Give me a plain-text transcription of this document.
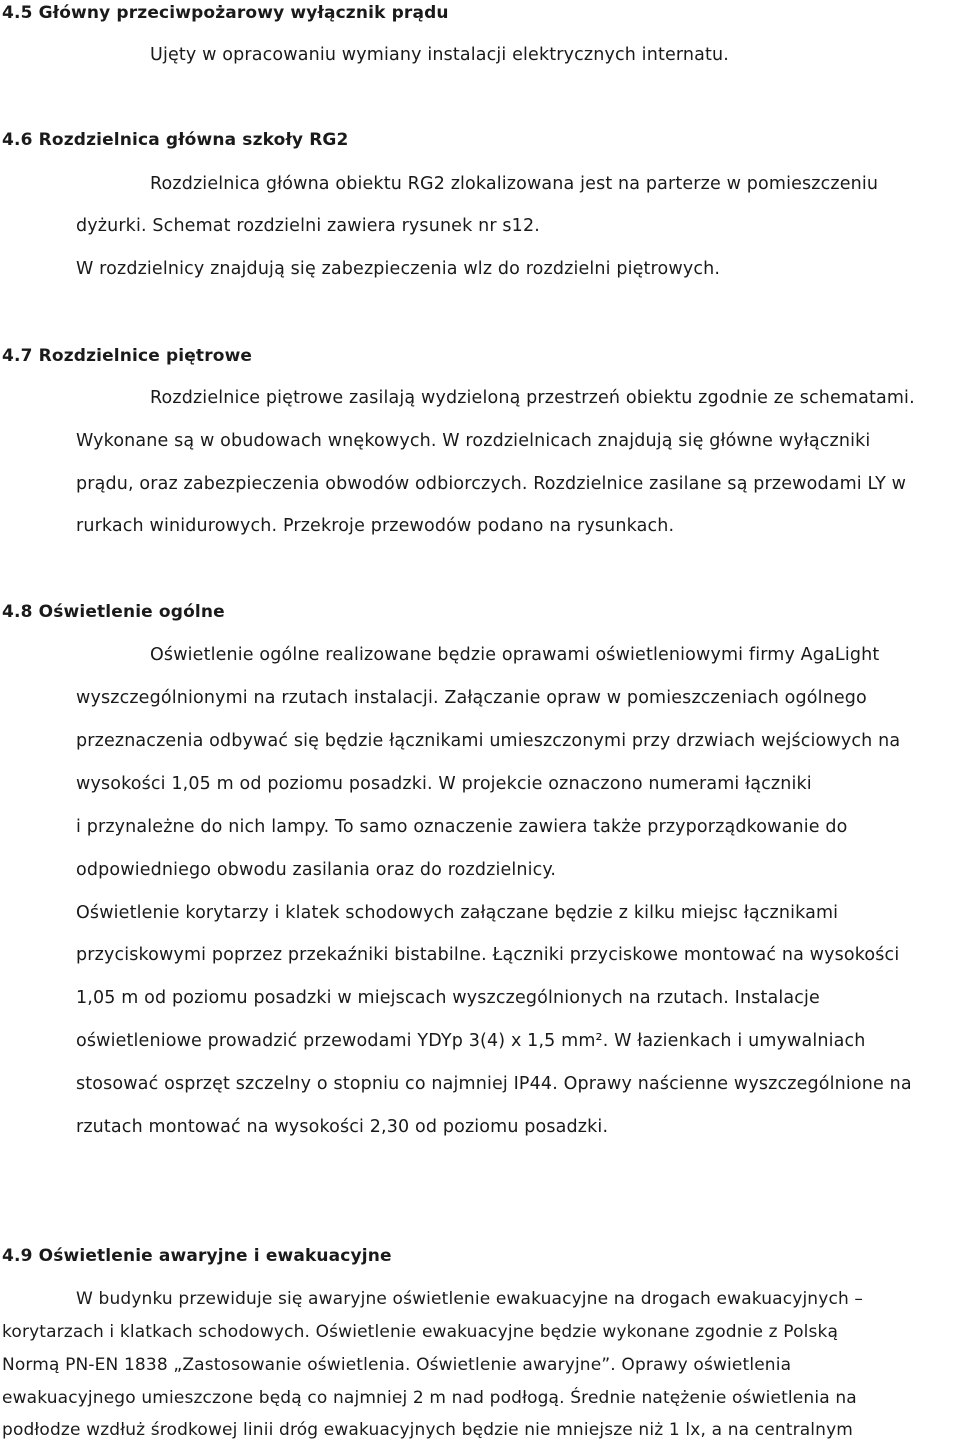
4.5 Główny przeciwpożarowy wyłącznik prądu

Ujęty w opracowaniu wymiany instalacji elektrycznych internatu.

4.6 Rozdzielnica główna szkoły RG2

Rozdzielnica główna obiektu RG2 zlokalizowana jest na parterze w pomieszczeniu

dyżurki. Schemat rozdzielni zawiera rysunek nr s12.

W rozdzielnicy znajdują się zabezpieczenia wlz do rozdzielni piętrowych.

4.7 Rozdzielnice piętrowe

Rozdzielnice piętrowe zasilają wydzieloną przestrzeń obiektu zgodnie ze schematami.

Wykonane są w obudowach wnękowych. W rozdzielnicach znajdują się główne wyłączniki

prądu, oraz zabezpieczenia obwodów odbiorczych. Rozdzielnice zasilane są przewodami LY w

rurkach winidurowych. Przekroje przewodów podano na rysunkach.

4.8 Oświetlenie ogólne

Oświetlenie ogólne realizowane będzie oprawami oświetleniowymi firmy AgaLight

wyszczególnionymi na rzutach instalacji. Załączanie opraw w pomieszczeniach ogólnego

przeznaczenia odbywać się będzie łącznikami umieszczonymi przy drzwiach wejściowych na

wysokości 1,05 m od poziomu posadzki. W projekcie oznaczono numerami łączniki

i przynależne do nich lampy. To samo oznaczenie zawiera także przyporządkowanie do

odpowiedniego obwodu zasilania oraz do rozdzielnicy.

Oświetlenie korytarzy i klatek schodowych załączane będzie z kilku miejsc łącznikami

przyciskowymi poprzez przekaźniki bistabilne. Łączniki przyciskowe montować na wysokości

1,05 m od poziomu posadzki w miejscach wyszczególnionych na rzutach. Instalacje

oświetleniowe prowadzić przewodami YDYp 3(4) x 1,5 mm². W łazienkach i umywalniach

stosować osprzęt szczelny o stopniu co najmniej IP44. Oprawy naścienne wyszczególnione na

rzutach montować na wysokości 2,30 od poziomu posadzki.

4.9 Oświetlenie awaryjne i ewakuacyjne

W budynku przewiduje się awaryjne oświetlenie ewakuacyjne na drogach ewakuacyjnych –

korytarzach i klatkach schodowych. Oświetlenie ewakuacyjne będzie wykonane zgodnie z Polską

Normą PN-EN 1838 „Zastosowanie oświetlenia. Oświetlenie awaryjne”. Oprawy oświetlenia

ewakuacyjnego umieszczone będą co najmniej 2 m nad podłogą. Średnie natężenie oświetlenia na

podłodze wzdłuż środkowej linii dróg ewakuacyjnych będzie nie mniejsze niż 1 lx, a na centralnym
